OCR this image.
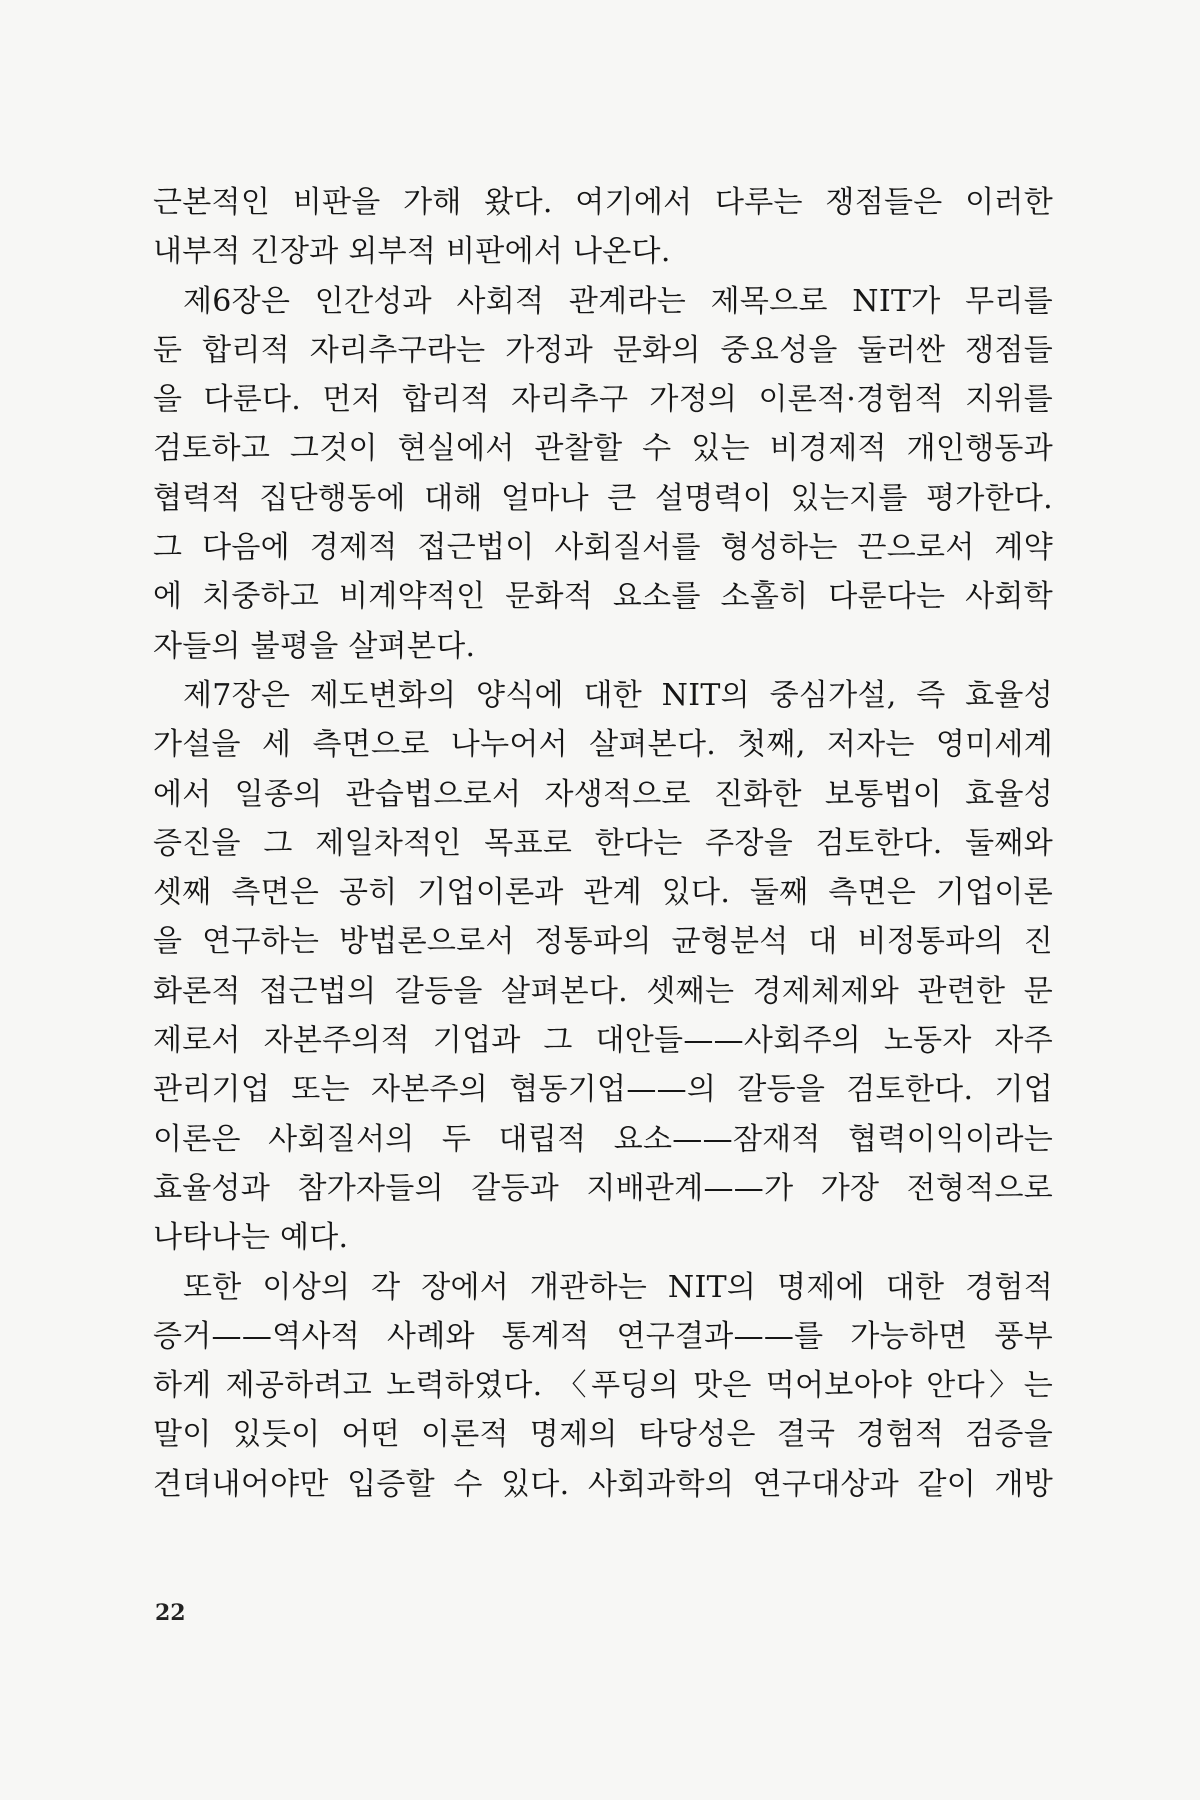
근본적인 비판을 가해 왔다. 여기에서 다루는 쟁점들은 이러한
내부적 긴장과 외부적 비판에서 나온다.
제6장은 인간성과 사회적 관계라는 제목으로 NIT가 무리를
둔 합리적 자리추구라는 가정과 문화의 중요성을 둘러싼 쟁점들
을 다룬다. 먼저 합리적 자리추구 가정의 이론적·경험적 지위를
검토하고 그것이 현실에서 관찰할 수 있는 비경제적 개인행동과
협력적 집단행동에 대해 얼마나 큰 설명력이 있는지를 평가한다.
그 다음에 경제적 접근법이 사회질서를 형성하는 끈으로서 계약
에 치중하고 비계약적인 문화적 요소를 소홀히 다룬다는 사회학
자들의 불평을 살펴본다.
제7장은 제도변화의 양식에 대한 NIT의 중심가설, 즉 효율성
가설을 세 측면으로 나누어서 살펴본다. 첫째, 저자는 영미세계
에서 일종의 관습법으로서 자생적으로 진화한 보통법이 효율성
증진을 그 제일차적인 목표로 한다는 주장을 검토한다. 둘째와
셋째 측면은 공히 기업이론과 관계 있다. 둘째 측면은 기업이론
을 연구하는 방법론으로서 정통파의 균형분석 대 비정통파의 진
화론적 접근법의 갈등을 살펴본다. 셋째는 경제체제와 관련한 문
제로서 자본주의적 기업과 그 대안들——사회주의 노동자 자주
관리기업 또는 자본주의 협동기업——의 갈등을 검토한다. 기업
이론은 사회질서의 두 대립적 요소——잠재적 협력이익이라는
효율성과 참가자들의 갈등과 지배관계——가 가장 전형적으로
나타나는 예다.
또한 이상의 각 장에서 개관하는 NIT의 명제에 대한 경험적
증거——역사적 사례와 통계적 연구결과——를 가능하면 풍부
하게 제공하려고 노력하였다. 〈푸딩의 맛은 먹어보아야 안다〉는
말이 있듯이 어떤 이론적 명제의 타당성은 결국 경험적 검증을
견뎌내어야만 입증할 수 있다. 사회과학의 연구대상과 같이 개방
22
